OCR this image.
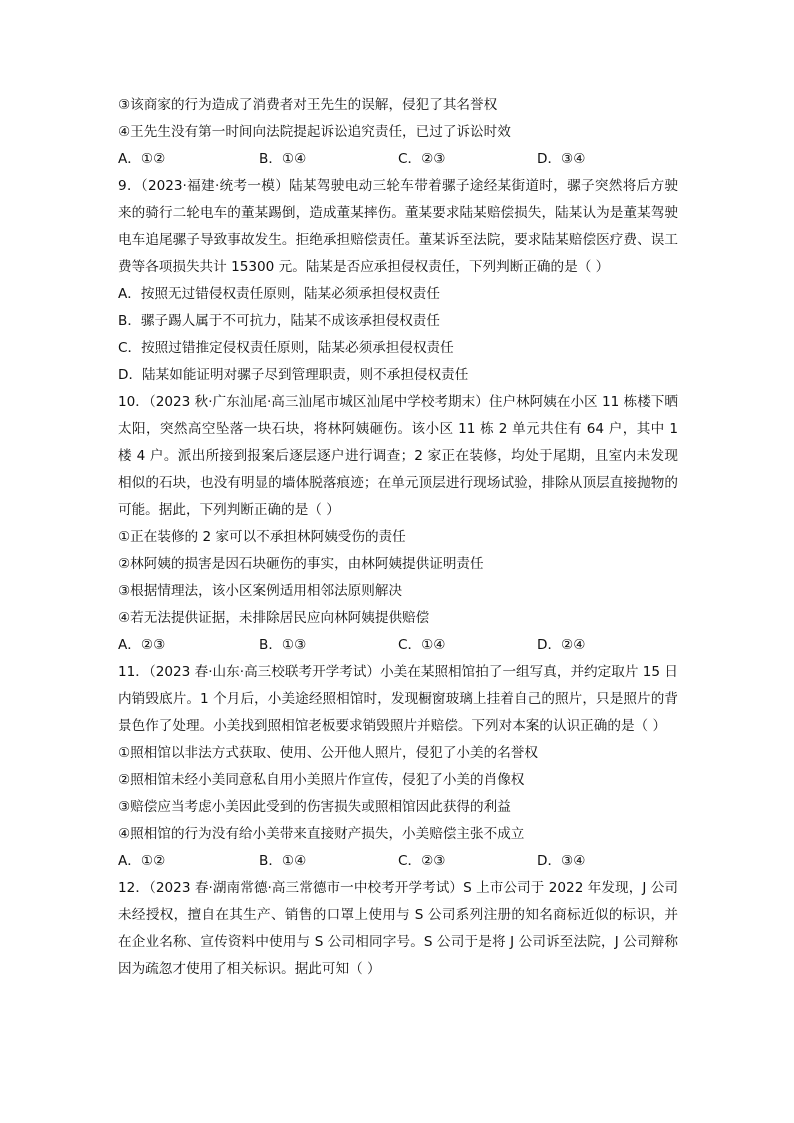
③该商家的行为造成了消费者对王先生的误解，侵犯了其名誉权
④王先生没有第一时间向法院提起诉讼追究责任，已过了诉讼时效
A．①②	B．①④	C．②③	D．③④
9．（2023·福建·统考一模）陆某驾驶电动三轮车带着骡子途经某街道时，骡子突然将后方驶来的骑行二轮电车的董某踢倒，造成董某摔伤。董某要求陆某赔偿损失，陆某认为是董某驾驶电车追尾骡子导致事故发生。拒绝承担赔偿责任。董某诉至法院，要求陆某赔偿医疗费、误工费等各项损失共计 15300 元。陆某是否应承担侵权责任，下列判断正确的是（ ）
A．按照无过错侵权责任原则，陆某必须承担侵权责任
B．骡子踢人属于不可抗力，陆某不成该承担侵权责任
C．按照过错推定侵权责任原则，陆某必须承担侵权责任
D．陆某如能证明对骡子尽到管理职责，则不承担侵权责任
10．（2023 秋·广东汕尾·高三汕尾市城区汕尾中学校考期末）住户林阿姨在小区 11 栋楼下晒太阳，突然高空坠落一块石块，将林阿姨砸伤。该小区 11 栋 2 单元共住有 64 户，其中 1 楼 4 户。派出所接到报案后逐层逐户进行调查；2 家正在装修，均处于尾期，且室内未发现相似的石块，也没有明显的墙体脱落痕迹；在单元顶层进行现场试验，排除从顶层直接抛物的可能。据此，下列判断正确的是（ ）
①正在装修的 2 家可以不承担林阿姨受伤的责任
②林阿姨的损害是因石块砸伤的事实，由林阿姨提供证明责任
③根据情理法，该小区案例适用相邻法原则解决
④若无法提供证据，未排除居民应向林阿姨提供赔偿
A．②③	B．①③	C．①④	D．②④
11．（2023 春·山东·高三校联考开学考试）小美在某照相馆拍了一组写真，并约定取片 15 日内销毁底片。1 个月后，小美途经照相馆时，发现橱窗玻璃上挂着自己的照片，只是照片的背景色作了处理。小美找到照相馆老板要求销毁照片并赔偿。下列对本案的认识正确的是（ ）
①照相馆以非法方式获取、使用、公开他人照片，侵犯了小美的名誉权
②照相馆未经小美同意私自用小美照片作宣传，侵犯了小美的肖像权
③赔偿应当考虑小美因此受到的伤害损失或照相馆因此获得的利益
④照相馆的行为没有给小美带来直接财产损失，小美赔偿主张不成立
A．①②	B．①④	C．②③	D．③④
12．（2023 春·湖南常德·高三常德市一中校考开学考试）S 上市公司于 2022 年发现，J 公司未经授权，擅自在其生产、销售的口罩上使用与 S 公司系列注册的知名商标近似的标识，并在企业名称、宣传资料中使用与 S 公司相同字号。S 公司于是将 J 公司诉至法院，J 公司辩称因为疏忽才使用了相关标识。据此可知（ ）
